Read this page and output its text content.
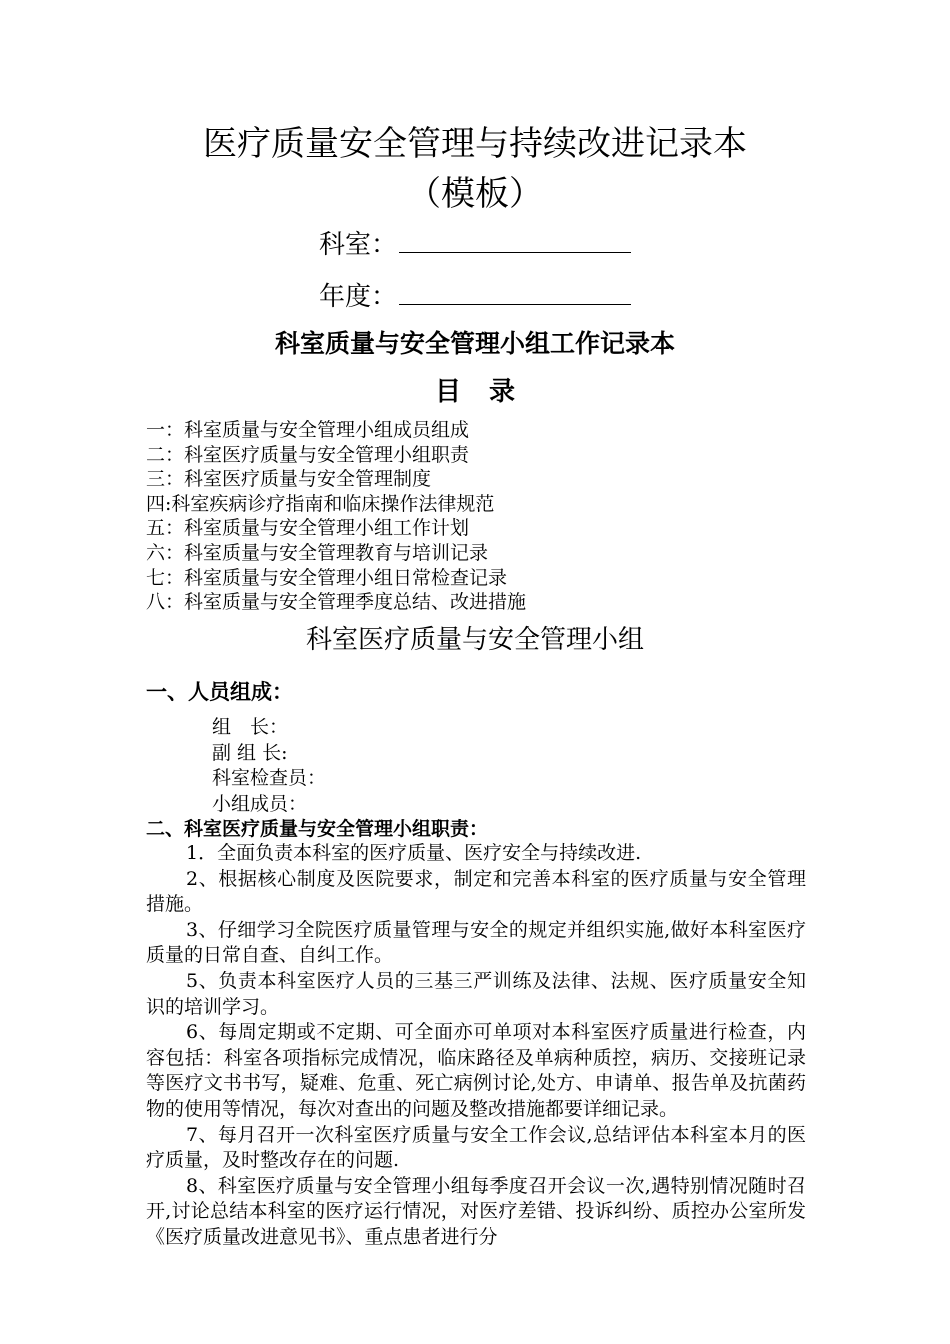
医疗质量安全管理与持续改进记录本
（模板）
科室：
年度：
科室质量与安全管理小组工作记录本
目录
一：科室质量与安全管理小组成员组成
二：科室医疗质量与安全管理小组职责
三：科室医疗质量与安全管理制度
四:科室疾病诊疗指南和临床操作法律规范
五：科室质量与安全管理小组工作计划
六：科室质量与安全管理教育与培训记录
七：科室质量与安全管理小组日常检查记录
八：科室质量与安全管理季度总结、改进措施
科室医疗质量与安全管理小组
一、人员组成：
组　长：
副 组 长:
科室检查员：
小组成员：
二、科室医疗质量与安全管理小组职责：

1．全面负责本科室的医疗质量、医疗安全与持续改进.

2、根据核心制度及医院要求，制定和完善本科室的医疗质量与安全管理措施。

3、仔细学习全院医疗质量管理与安全的规定并组织实施,做好本科室医疗质量的日常自查、自纠工作。

5、负责本科室医疗人员的三基三严训练及法律、法规、医疗质量安全知识的培训学习。

6、每周定期或不定期、可全面亦可单项对本科室医疗质量进行检查，内容包括：科室各项指标完成情况，临床路径及单病种质控，病历、交接班记录等医疗文书书写，疑难、危重、死亡病例讨论,处方、申请单、报告单及抗菌药物的使用等情况，每次对查出的问题及整改措施都要详细记录。

7、每月召开一次科室医疗质量与安全工作会议,总结评估本科室本月的医疗质量，及时整改存在的问题.

8、科室医疗质量与安全管理小组每季度召开会议一次,遇特别情况随时召开,讨论总结本科室的医疗运行情况，对医疗差错、投诉纠纷、质控办公室所发《医疗质量改进意见书》、重点患者进行分
